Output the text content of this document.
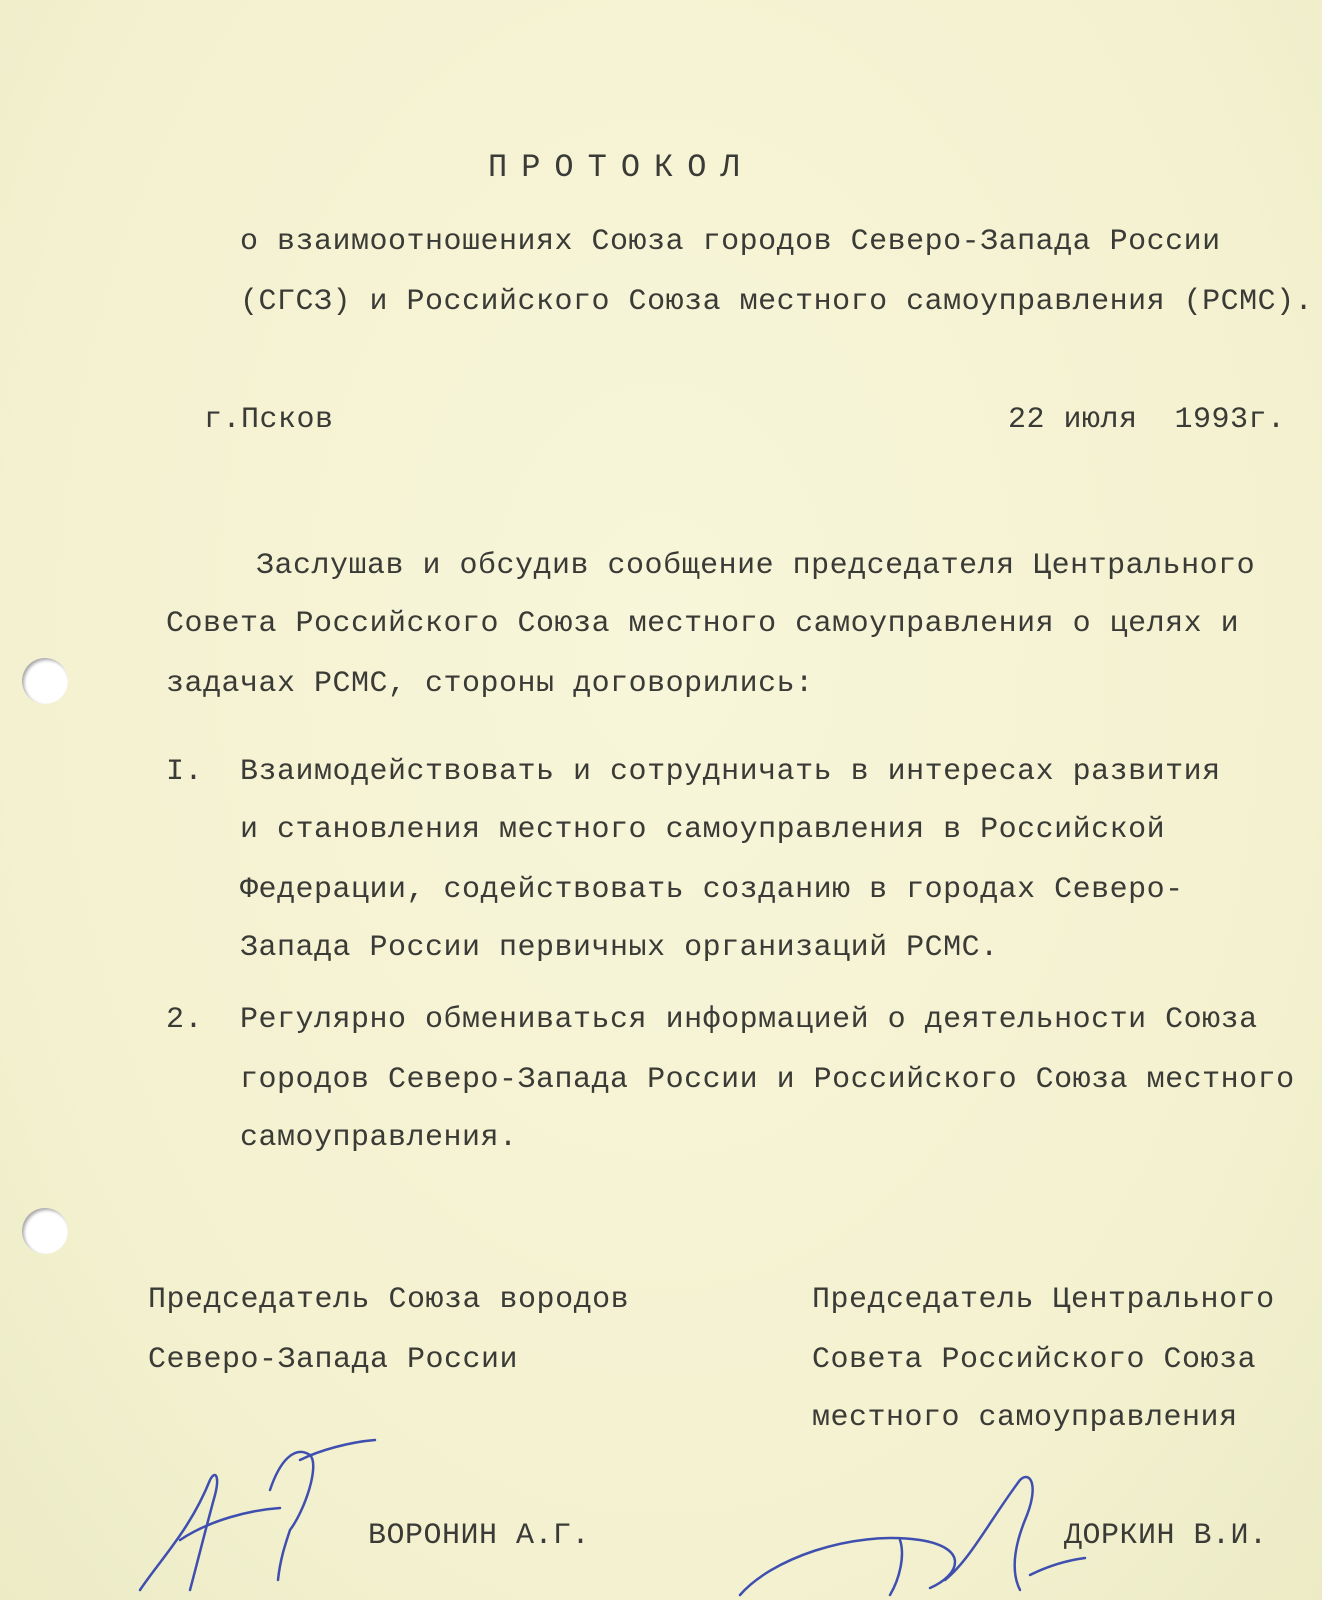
ПРОТОКОЛ
о взаимоотношениях Союза городов Северо-Запада России
(СГСЗ) и Российского Союза местного самоуправления (РСМС).
г.Псков	22 июля  1993г.
Заслушав и обсудив сообщение председателя Центрального
Совета Российского Союза местного самоуправления о целях и
задачах РСМС, стороны договорились:
I. Взаимодействовать и сотрудничать в интересах развития
и становления местного самоуправления в Российской
Федерации, содействовать созданию в городах Северо-
Запада России первичных организаций РСМС.
2. Регулярно обмениваться информацией о деятельности Союза
городов Северо-Запада России и Российского Союза местного
самоуправления.
Председатель Союза вородов
Северо-Запада России
Председатель Центрального
Совета Российского Союза
местного самоуправления
ВОРОНИН А.Г.	ДОРКИН В.И.
